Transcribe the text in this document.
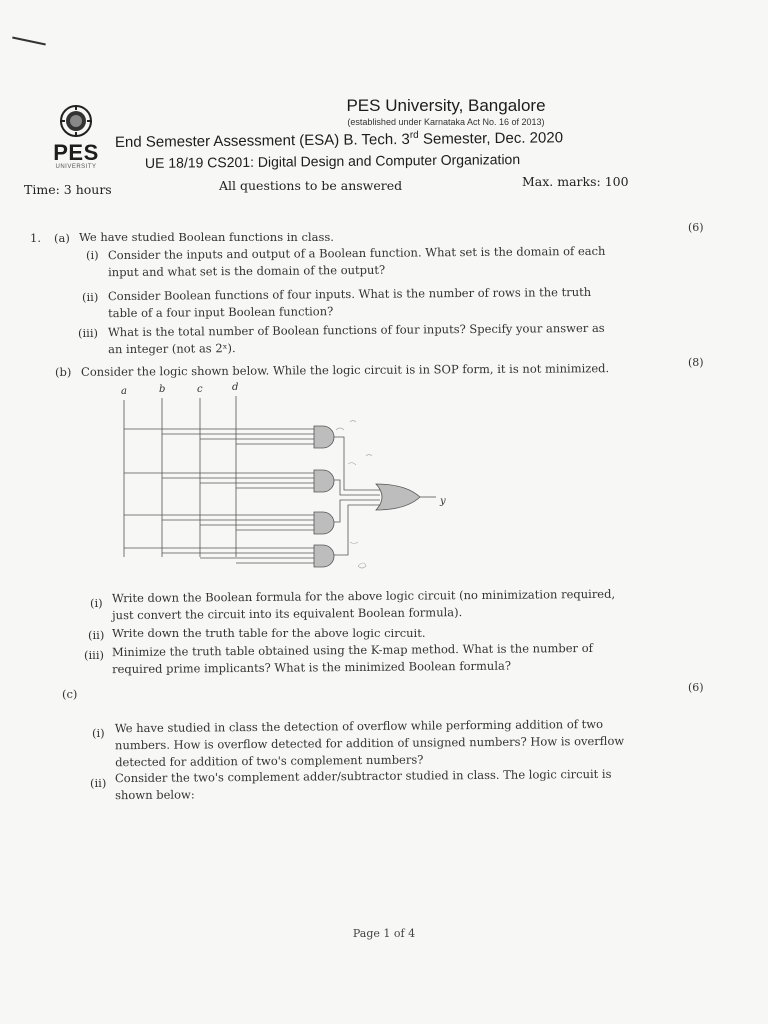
PES
UNIVERSITY
PES University, Bangalore
(established under Karnataka Act No. 16 of 2013)
End Semester Assessment (ESA) B. Tech. 3rd Semester, Dec. 2020
UE 18/19 CS201: Digital Design and Computer Organization
Time: 3 hours	All questions to be answered	Max. marks: 100
1. (a) We have studied Boolean functions in class.
(6)
(i) Consider the inputs and output of a Boolean function. What set is the domain of each
input and what set is the domain of the output?
(ii) Consider Boolean functions of four inputs. What is the number of rows in the truth
table of a four input Boolean function?
(iii) What is the total number of Boolean functions of four inputs? Specify your answer as
an integer (not as 2ˣ).
(b) Consider the logic shown below. While the logic circuit is in SOP form, it is not minimized.	(8)
a	b	c	d
y
(i) Write down the Boolean formula for the above logic circuit (no minimization required,
just convert the circuit into its equivalent Boolean formula).
(ii) Write down the truth table for the above logic circuit.
(iii) Minimize the truth table obtained using the K-map method. What is the number of
required prime implicants? What is the minimized Boolean formula?
(c)	(6)
(i) We have studied in class the detection of overflow while performing addition of two
numbers. How is overflow detected for addition of unsigned numbers? How is overflow
detected for addition of two's complement numbers?
(ii) Consider the two's complement adder/subtractor studied in class. The logic circuit is
shown below:
Page 1 of 4
